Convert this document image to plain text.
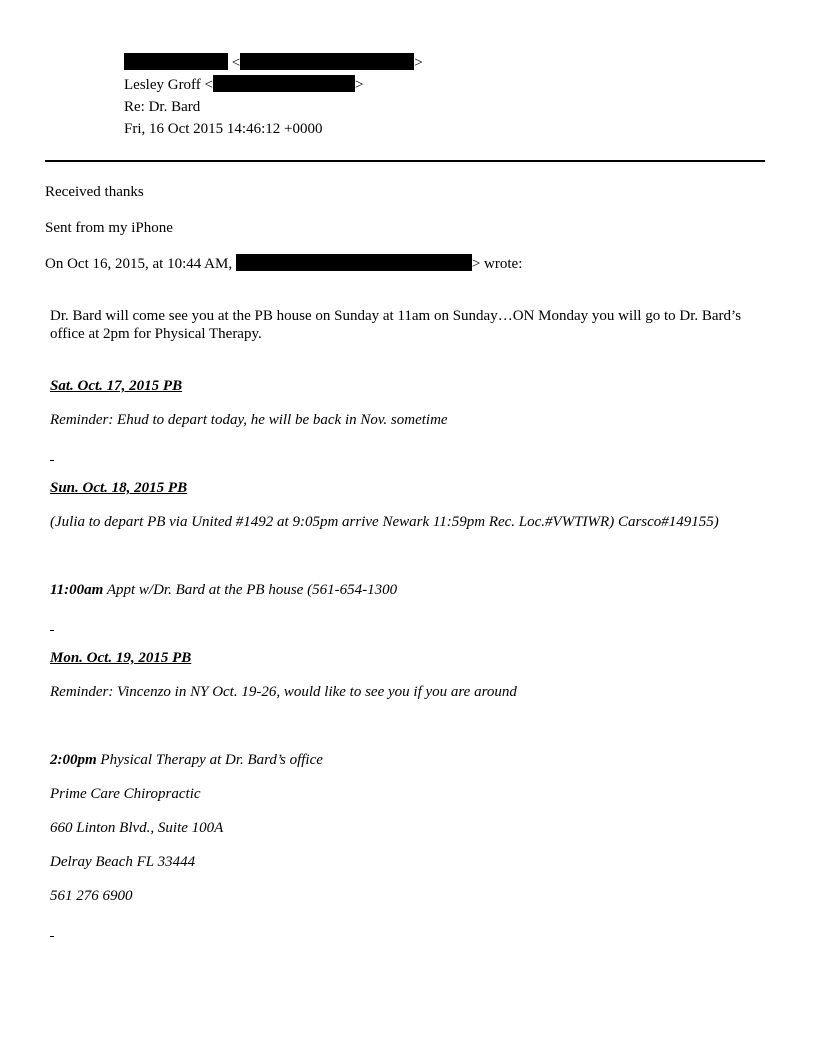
<	>
Lesley Groff <	>
Re: Dr. Bard
Fri, 16 Oct 2015 14:46:12 +0000
Received thanks
Sent from my iPhone
On Oct 16, 2015, at 10:44 AM,	> wrote:
Dr. Bard will come see you at the PB house on Sunday at 11am on Sunday…ON Monday you will go to Dr. Bard’s office at 2pm for Physical Therapy.
Sat. Oct. 17, 2015 PB
Reminder: Ehud to depart today, he will be back in Nov. sometime
Sun. Oct. 18, 2015 PB
(Julia to depart PB via United #1492 at 9:05pm arrive Newark 11:59pm Rec. Loc.#VWTIWR) Carsco#149155)
11:00am Appt w/Dr. Bard at the PB house (561-654-1300
Mon. Oct. 19, 2015 PB
Reminder: Vincenzo in NY Oct. 19-26, would like to see you if you are around
2:00pm Physical Therapy at Dr. Bard’s office
Prime Care Chiropractic
660 Linton Blvd., Suite 100A
Delray Beach FL 33444
561 276 6900
